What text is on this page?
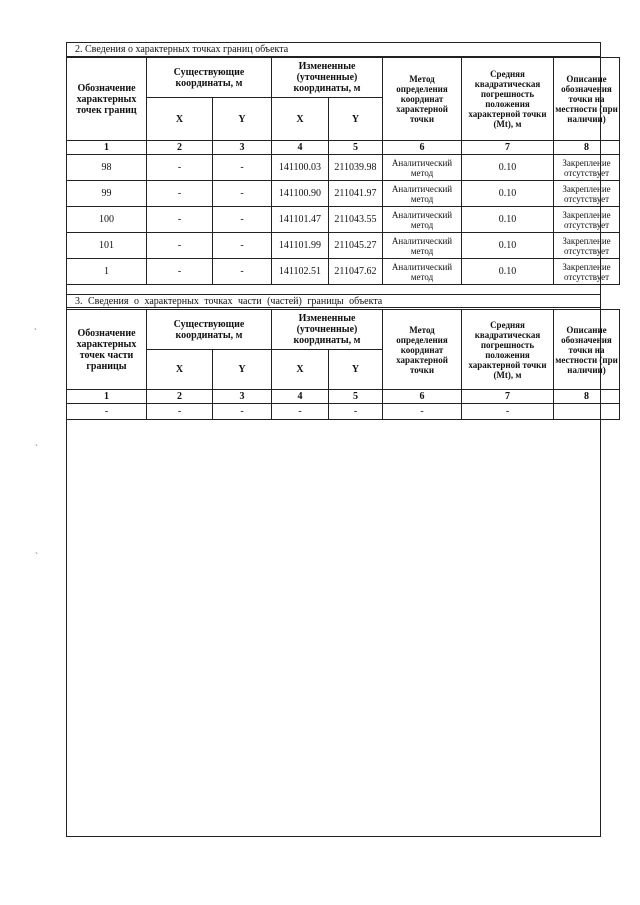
2. Сведения о характерных точках границ объекта
Обозначение характерных точек границ	Существующие координаты, м		Измененные (уточненные) координаты, м		Метод определения координат характерной точки	Средняя квадратическая погрешность положения характерной точки (Mt), м	Описание обозначения точки на местности (при наличии)
	X	Y	X	Y			
1	2	3	4	5	6	7	8
98	-	-	141100.03	211039.98	Аналитический метод	0.10	Закрепление отсутствует
99	-	-	141100.90	211041.97	Аналитический метод	0.10	Закрепление отсутствует
100	-	-	141101.47	211043.55	Аналитический метод	0.10	Закрепление отсутствует
101	-	-	141101.99	211045.27	Аналитический метод	0.10	Закрепление отсутствует
1	-	-	141102.51	211047.62	Аналитический метод	0.10	Закрепление отсутствует
3. Сведения о характерных точках части (частей) границы объекта
Обозначение характерных точек части границы	Существующие координаты, м		Измененные (уточненные) координаты, м		Метод определения координат характерной точки	Средняя квадратическая погрешность положения характерной точки (Mt), м	Описание обозначения точки на местности (при наличии)
	X	Y	X	Y			
1	2	3	4	5	6	7	8
-	-	-	-	-	-	-	
ˎ
ˎ
ˎ
